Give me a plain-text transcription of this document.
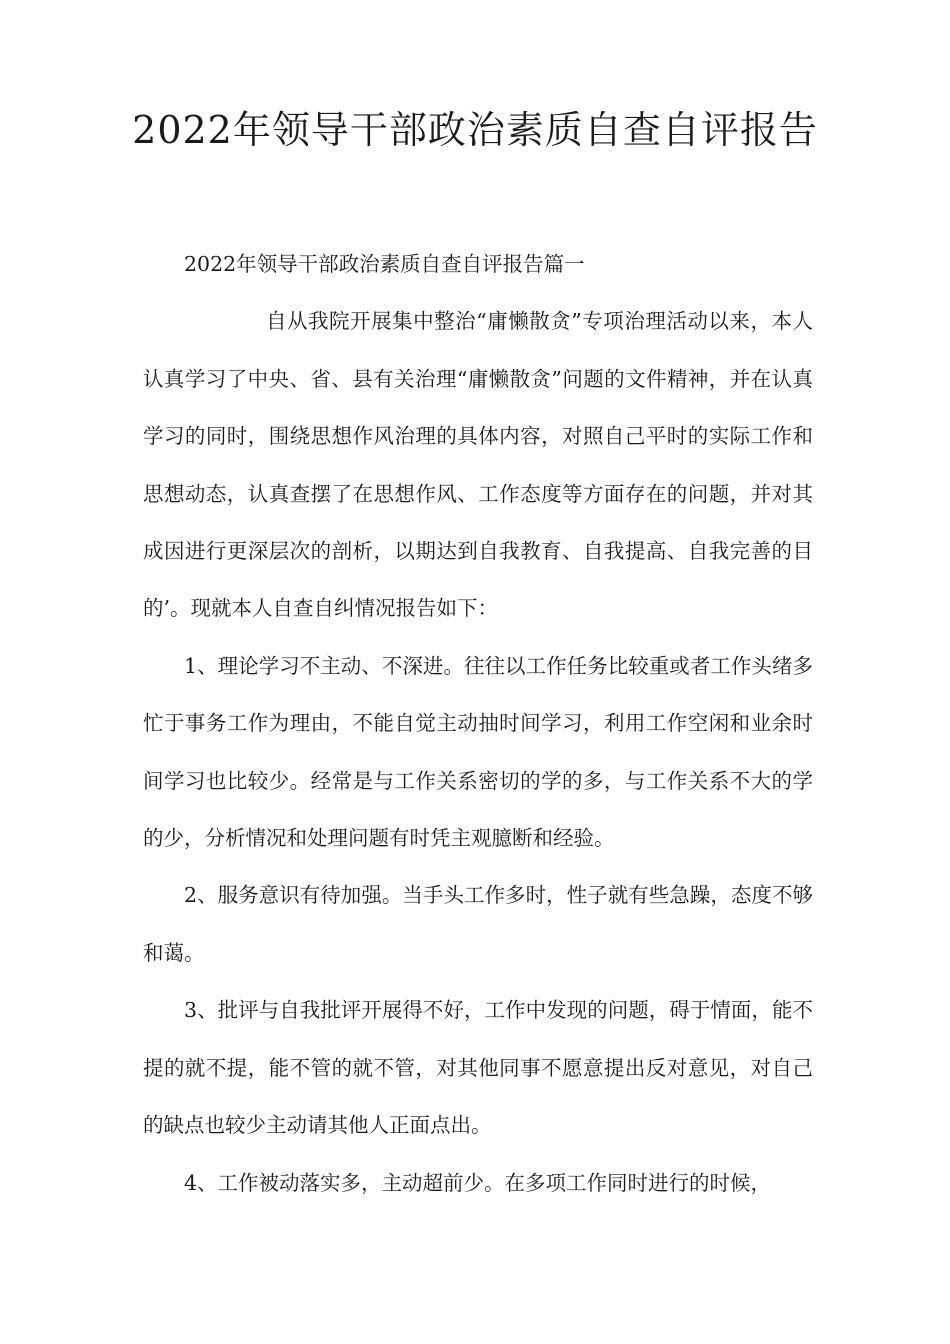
2022年领导干部政治素质自查自评报告

2022年领导干部政治素质自查自评报告篇一

自从我院开展集中整治“庸懒散贪”专项治理活动以来，本人认真学习了中央、省、县有关治理“庸懒散贪”问题的文件精神，并在认真学习的同时，围绕思想作风治理的具体内容，对照自己平时的实际工作和思想动态，认真查摆了在思想作风、工作态度等方面存在的问题，并对其成因进行更深层次的剖析，以期达到自我教育、自我提高、自我完善的目的’。现就本人自查自纠情况报告如下：

1、理论学习不主动、不深进。往往以工作任务比较重或者工作头绪多忙于事务工作为理由，不能自觉主动抽时间学习，利用工作空闲和业余时间学习也比较少。经常是与工作关系密切的学的多，与工作关系不大的学的少，分析情况和处理问题有时凭主观臆断和经验。

2、服务意识有待加强。当手头工作多时，性子就有些急躁，态度不够和蔼。

3、批评与自我批评开展得不好，工作中发现的问题，碍于情面，能不提的就不提，能不管的就不管，对其他同事不愿意提出反对意见，对自己的缺点也较少主动请其他人正面点出。

4、工作被动落实多，主动超前少。在多项工作同时进行的时候，
